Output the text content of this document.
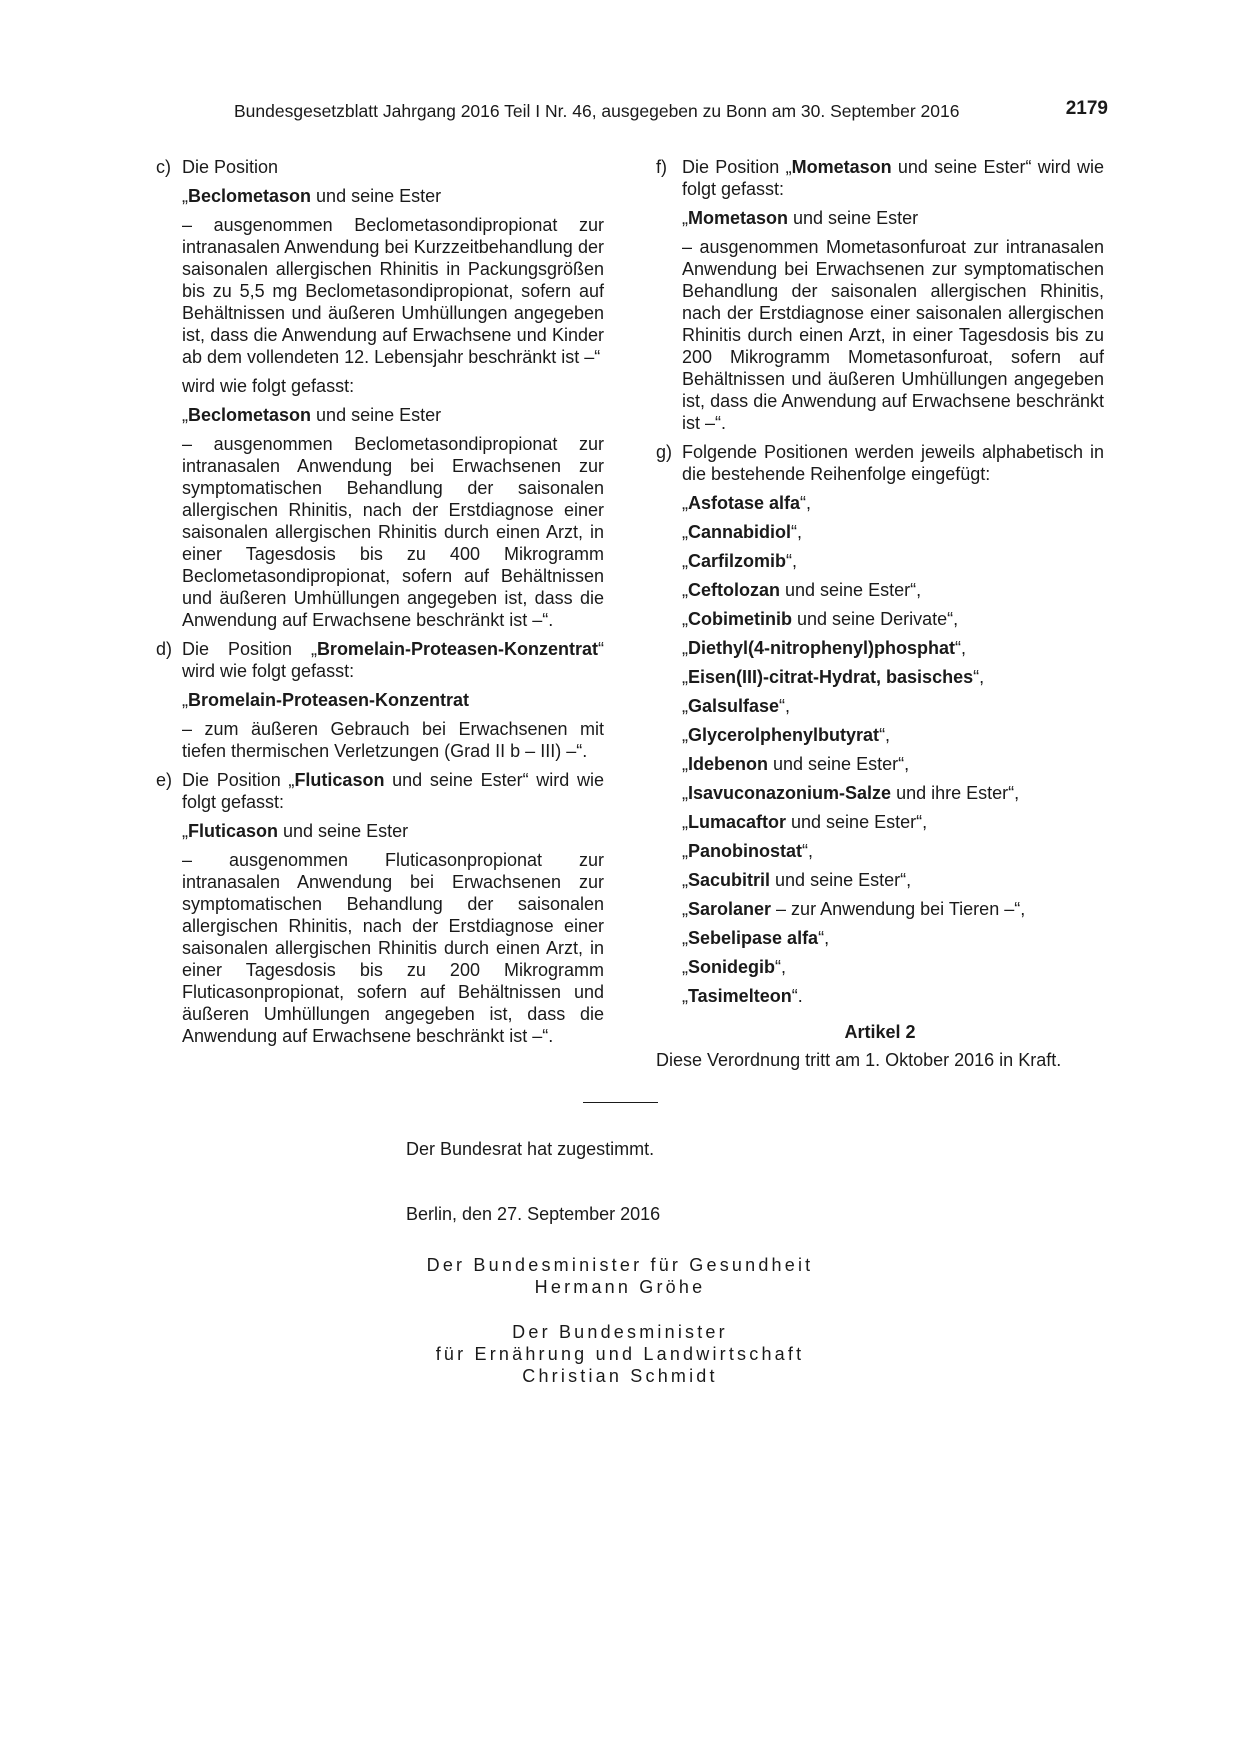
Bundesgesetzblatt Jahrgang 2016 Teil I Nr. 46, ausgegeben zu Bonn am 30. September 2016	2179
c) Die Position

„Beclometason und seine Ester

– ausgenommen Beclometasondipropionat zur intranasalen Anwendung bei Kurzzeitbehandlung der saisonalen allergischen Rhinitis in Packungsgrößen bis zu 5,5 mg Beclometasondipropionat, sofern auf Behältnissen und äußeren Umhüllungen angegeben ist, dass die Anwendung auf Erwachsene und Kinder ab dem vollendeten 12. Lebensjahr beschränkt ist –“

wird wie folgt gefasst:

„Beclometason und seine Ester

– ausgenommen Beclometasondipropionat zur intranasalen Anwendung bei Erwachsenen zur symptomatischen Behandlung der saisonalen allergischen Rhinitis, nach der Erstdiagnose einer saisonalen allergischen Rhinitis durch einen Arzt, in einer Tagesdosis bis zu 400 Mikrogramm Beclometasondipropionat, sofern auf Behältnissen und äußeren Umhüllungen angegeben ist, dass die Anwendung auf Erwachsene beschränkt ist –“.

d) Die Position „Bromelain-Proteasen-Konzentrat“ wird wie folgt gefasst:

„Bromelain-Proteasen-Konzentrat

– zum äußeren Gebrauch bei Erwachsenen mit tiefen thermischen Verletzungen (Grad II b – III) –“.

e) Die Position „Fluticason und seine Ester“ wird wie folgt gefasst:

„Fluticason und seine Ester

– ausgenommen Fluticasonpropionat zur intranasalen Anwendung bei Erwachsenen zur symptomatischen Behandlung der saisonalen allergischen Rhinitis, nach der Erstdiagnose einer saisonalen allergischen Rhinitis durch einen Arzt, in einer Tagesdosis bis zu 200 Mikrogramm Fluticasonpropionat, sofern auf Behältnissen und äußeren Umhüllungen angegeben ist, dass die Anwendung auf Erwachsene beschränkt ist –“.

f) Die Position „Mometason und seine Ester“ wird wie folgt gefasst:

„Mometason und seine Ester

– ausgenommen Mometasonfuroat zur intranasalen Anwendung bei Erwachsenen zur symptomatischen Behandlung der saisonalen allergischen Rhinitis, nach der Erstdiagnose einer saisonalen allergischen Rhinitis durch einen Arzt, in einer Tagesdosis bis zu 200 Mikrogramm Mometasonfuroat, sofern auf Behältnissen und äußeren Umhüllungen angegeben ist, dass die Anwendung auf Erwachsene beschränkt ist –“.

g) Folgende Positionen werden jeweils alphabetisch in die bestehende Reihenfolge eingefügt:

„Asfotase alfa“,

„Cannabidiol“,

„Carfilzomib“,

„Ceftolozan und seine Ester“,

„Cobimetinib und seine Derivate“,

„Diethyl(4-nitrophenyl)phosphat“,

„Eisen(III)-citrat-Hydrat, basisches“,

„Galsulfase“,

„Glycerolphenylbutyrat“,

„Idebenon und seine Ester“,

„Isavuconazonium-Salze und ihre Ester“,

„Lumacaftor und seine Ester“,

„Panobinostat“,

„Sacubitril und seine Ester“,

„Sarolaner – zur Anwendung bei Tieren –“,

„Sebelipase alfa“,

„Sonidegib“,

„Tasimelteon“.

Artikel 2

Diese Verordnung tritt am 1. Oktober 2016 in Kraft.

Der Bundesrat hat zugestimmt.
Berlin, den 27. September 2016
Der Bundesminister für Gesundheit
Hermann Gröhe
Der Bundesminister
für Ernährung und Landwirtschaft
Christian Schmidt
